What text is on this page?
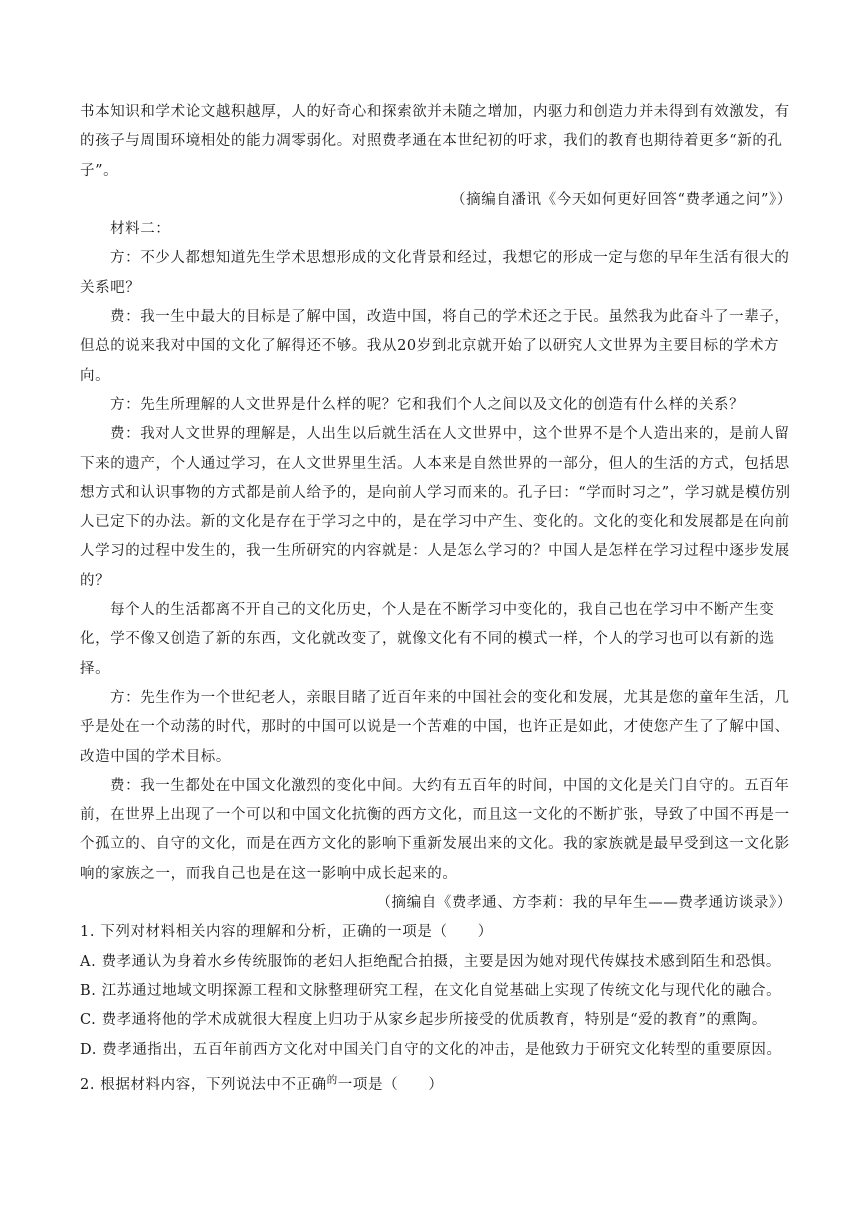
书本知识和学术论文越积越厚，人的好奇心和探索欲并未随之增加，内驱力和创造力并未得到有效激发，有的孩子与周围环境相处的能力凋零弱化。对照费孝通在本世纪初的吁求，我们的教育也期待着更多“新的孔子”。

（摘编自潘讯《今天如何更好回答“费孝通之问”》）

材料二：

方：不少人都想知道先生学术思想形成的文化背景和经过，我想它的形成一定与您的早年生活有很大的关系吧？

费：我一生中最大的目标是了解中国，改造中国，将自己的学术还之于民。虽然我为此奋斗了一辈子，但总的说来我对中国的文化了解得还不够。我从20岁到北京就开始了以研究人文世界为主要目标的学术方向。

方：先生所理解的人文世界是什么样的呢？它和我们个人之间以及文化的创造有什么样的关系？

费：我对人文世界的理解是，人出生以后就生活在人文世界中，这个世界不是个人造出来的，是前人留下来的遗产，个人通过学习，在人文世界里生活。人本来是自然世界的一部分，但人的生活的方式，包括思想方式和认识事物的方式都是前人给予的，是向前人学习而来的。孔子曰：“学而时习之”，学习就是模仿别人已定下的办法。新的文化是存在于学习之中的，是在学习中产生、变化的。文化的变化和发展都是在向前人学习的过程中发生的，我一生所研究的内容就是：人是怎么学习的？中国人是怎样在学习过程中逐步发展的？

每个人的生活都离不开自己的文化历史，个人是在不断学习中变化的，我自己也在学习中不断产生变化，学不像又创造了新的东西，文化就改变了，就像文化有不同的模式一样，个人的学习也可以有新的选择。

方：先生作为一个世纪老人，亲眼目睹了近百年来的中国社会的变化和发展，尤其是您的童年生活，几乎是处在一个动荡的时代，那时的中国可以说是一个苦难的中国，也许正是如此，才使您产生了了解中国、改造中国的学术目标。

费：我一生都处在中国文化激烈的变化中间。大约有五百年的时间，中国的文化是关门自守的。五百年前，在世界上出现了一个可以和中国文化抗衡的西方文化，而且这一文化的不断扩张，导致了中国不再是一个孤立的、自守的文化，而是在西方文化的影响下重新发展出来的文化。我的家族就是最早受到这一文化影响的家族之一，而我自己也是在这一影响中成长起来的。

（摘编自《费孝通、方李莉：我的早年生——费孝通访谈录》）

1. 下列对材料相关内容的理解和分析，正确的一项是（　　）

A. 费孝通认为身着水乡传统服饰的老妇人拒绝配合拍摄，主要是因为她对现代传媒技术感到陌生和恐惧。

B. 江苏通过地域文明探源工程和文脉整理研究工程，在文化自觉基础上实现了传统文化与现代化的融合。

C. 费孝通将他的学术成就很大程度上归功于从家乡起步所接受的优质教育，特别是“爱的教育”的熏陶。

D. 费孝通指出，五百年前西方文化对中国关门自守的文化的冲击，是他致力于研究文化转型的重要原因。

2. 根据材料内容，下列说法中不正确$^的$一项是（　　）
